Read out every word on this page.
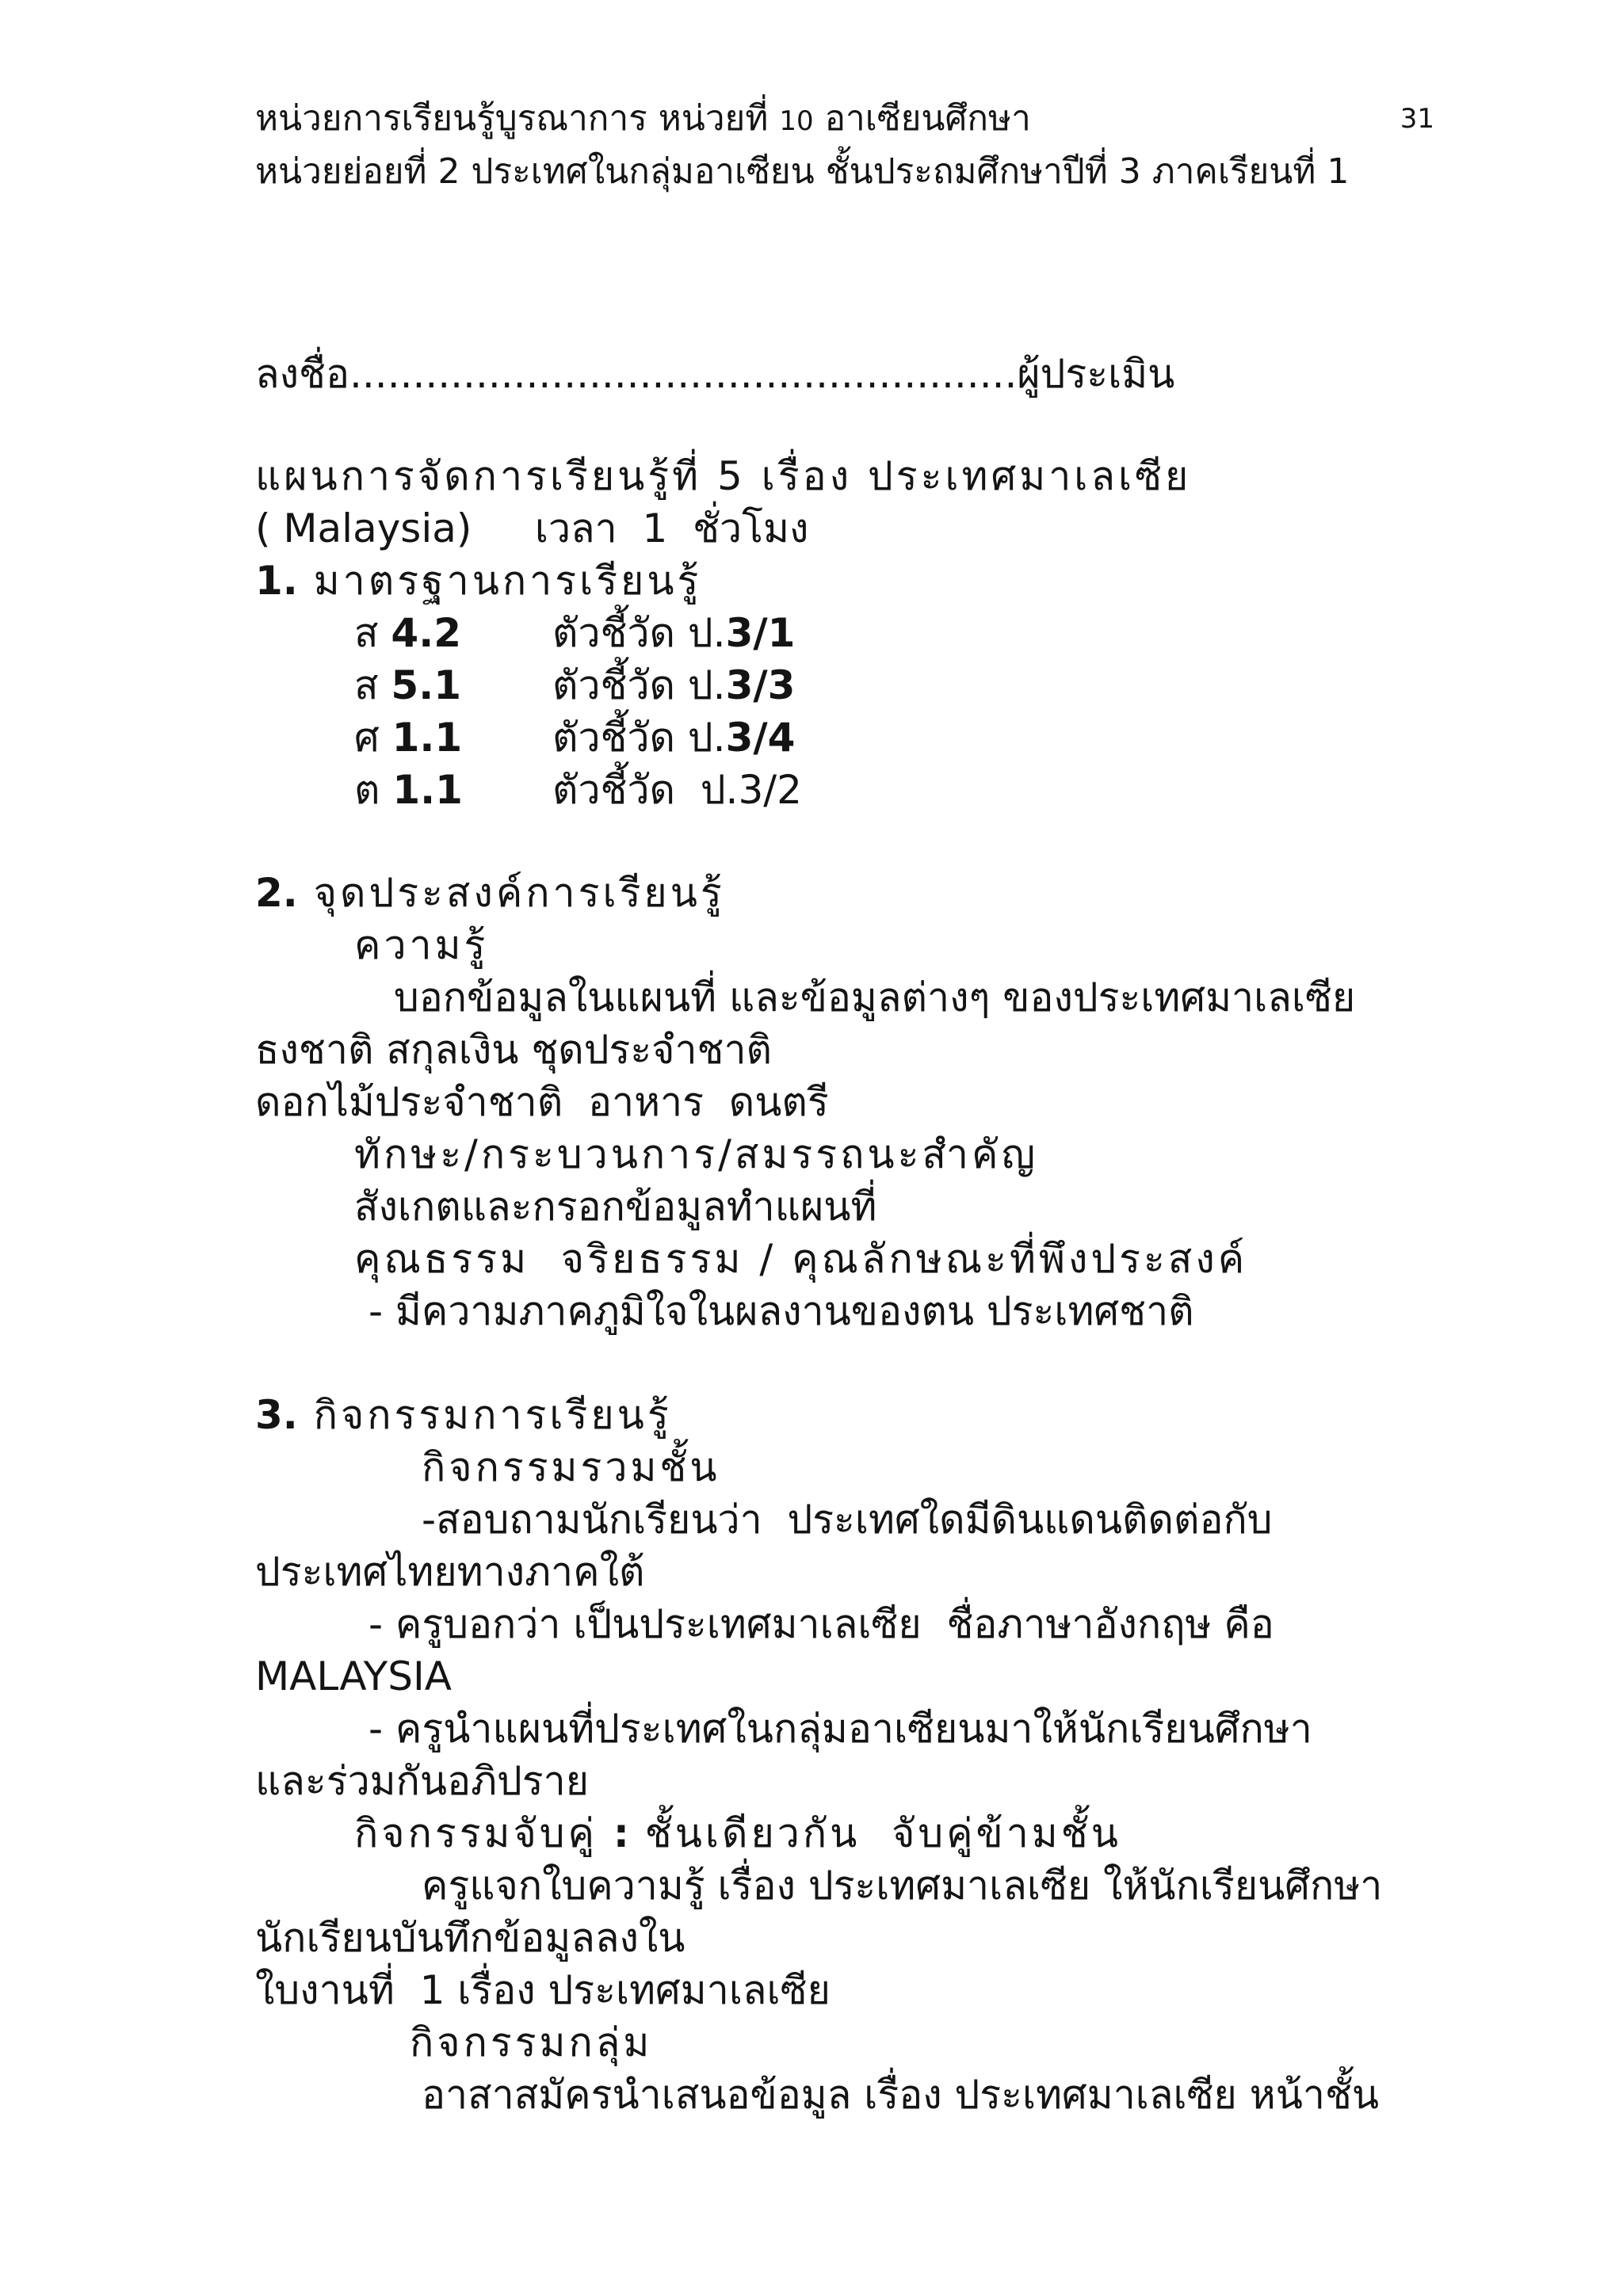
หน่วยการเรียนรู้บูรณาการ หน่วยที่ 10 อาเซียนศึกษา	31
หน่วยย่อยที่ 2 ประเทศในกลุ่มอาเซียน ชั้นประถมศึกษาปีที่ 3 ภาคเรียนที่ 1
ลงชื่อ.....................................................ผู้ประเมิน
แผนการจัดการเรียนรู้ที่ 5 เรื่อง ประเทศมาเลเซีย
( Malaysia)     เวลา  1  ชั่วโมง
1. มาตรฐานการเรียนรู้
ส 4.2 ตัวชี้วัด ป.3/1
ส 5.1 ตัวชี้วัด ป.3/3
ศ 1.1 ตัวชี้วัด ป.3/4
ต 1.1 ตัวชี้วัด  ป.3/2
2. จุดประสงค์การเรียนรู้
ความรู้
บอกข้อมูลในแผนที่ และข้อมูลต่างๆ ของประเทศมาเลเซีย
ธงชาติ สกุลเงิน ชุดประจำชาติ
ดอกไม้ประจำชาติ  อาหาร  ดนตรี
ทักษะ/กระบวนการ/สมรรถนะสำคัญ
สังเกตและกรอกข้อมูลทำแผนที่
คุณธรรม  จริยธรรม / คุณลักษณะที่พึงประสงค์
- มีความภาคภูมิใจในผลงานของตน ประเทศชาติ
3. กิจกรรมการเรียนรู้
กิจกรรมรวมชั้น
-สอบถามนักเรียนว่า  ประเทศใดมีดินแดนติดต่อกับ
ประเทศไทยทางภาคใต้
- ครูบอกว่า เป็นประเทศมาเลเซีย  ชื่อภาษาอังกฤษ คือ
MALAYSIA
- ครูนำแผนที่ประเทศในกลุ่มอาเซียนมาให้นักเรียนศึกษา
และร่วมกันอภิปราย
กิจกรรมจับคู่ : ชั้นเดียวกัน  จับคู่ข้ามชั้น
ครูแจกใบความรู้ เรื่อง ประเทศมาเลเซีย ให้นักเรียนศึกษา
นักเรียนบันทึกข้อมูลลงใน
ใบงานที่  1 เรื่อง ประเทศมาเลเซีย
กิจกรรมกลุ่ม
อาสาสมัครนำเสนอข้อมูล เรื่อง ประเทศมาเลเซีย หน้าชั้น
